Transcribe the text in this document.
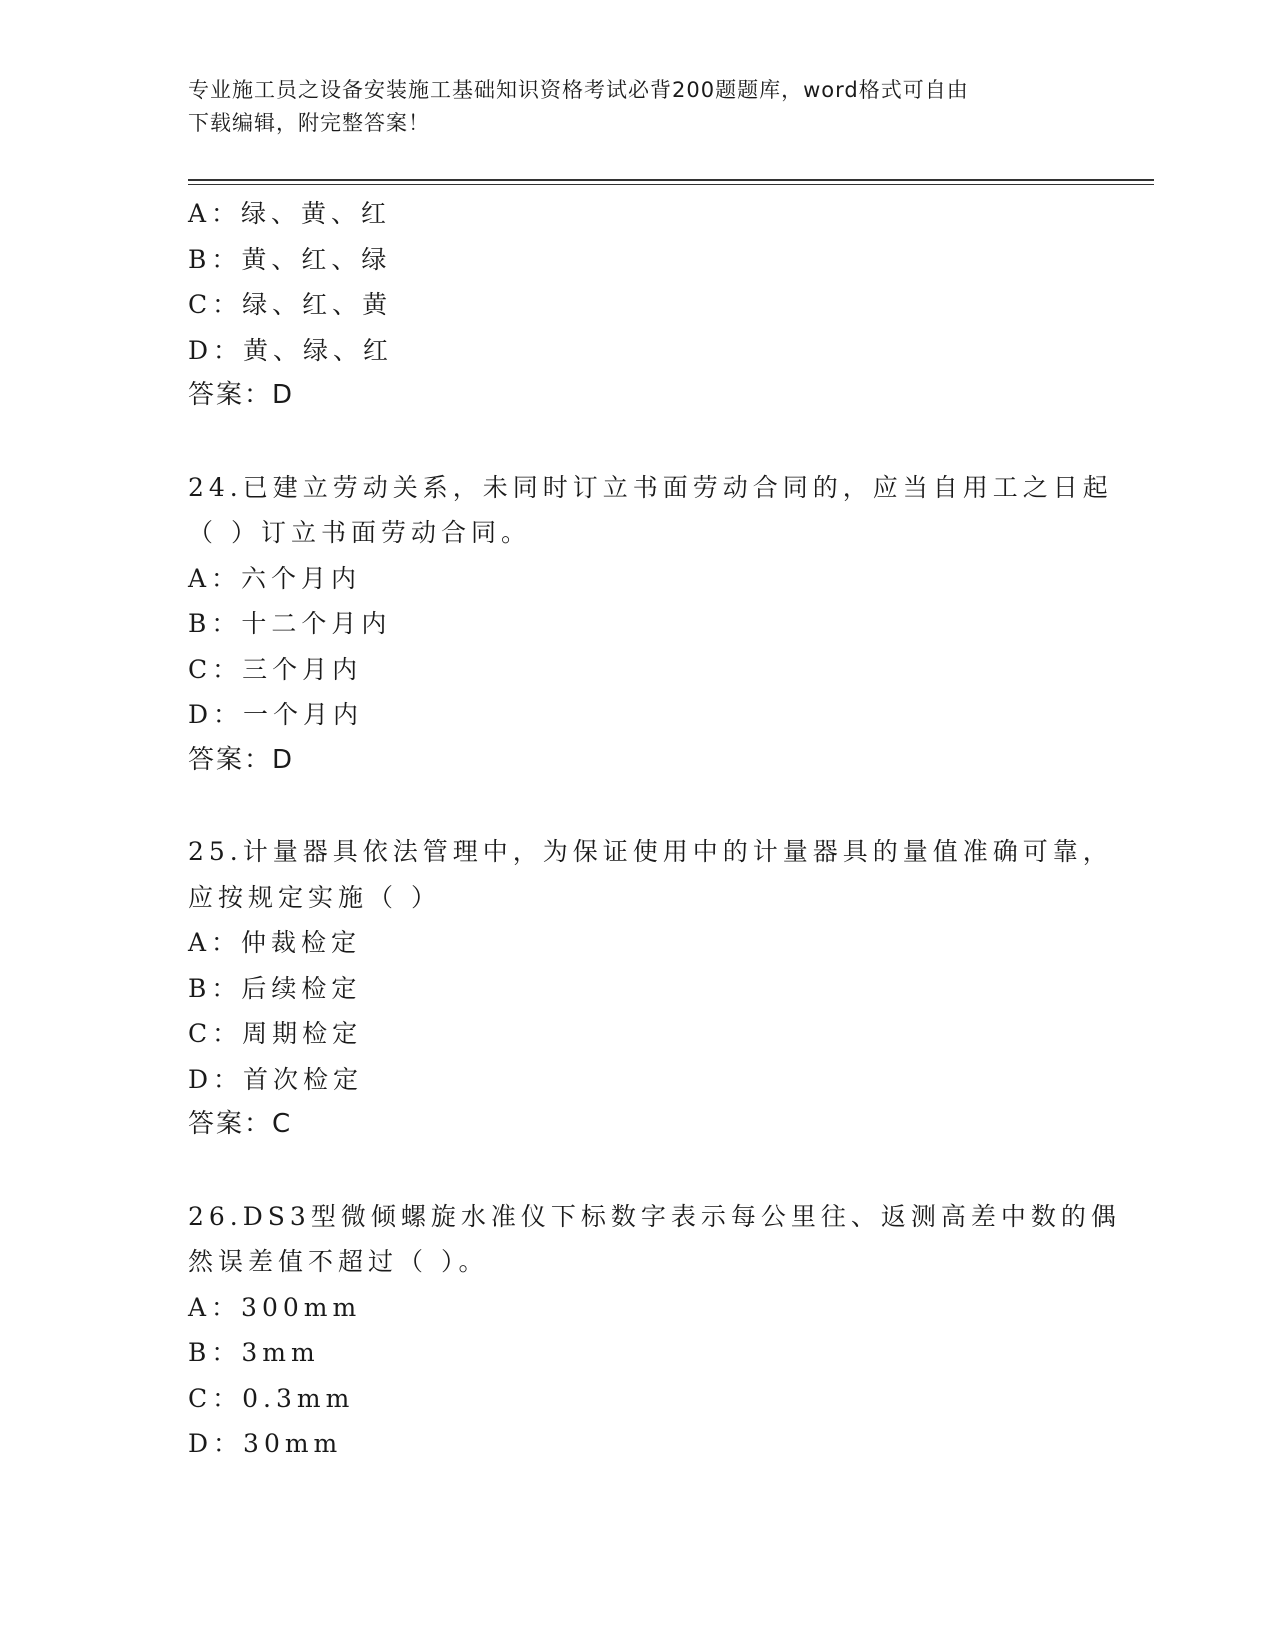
专业施工员之设备安装施工基础知识资格考试必背200题题库，word格式可自由
下载编辑，附完整答案！
A：绿、黄、红
B：黄、红、绿
C：绿、红、黄
D：黄、绿、红
答案：D
24.已建立劳动关系，未同时订立书面劳动合同的，应当自用工之日起
（ ）订立书面劳动合同。
A：六个月内
B：十二个月内
C：三个月内
D：一个月内
答案：D
25.计量器具依法管理中，为保证使用中的计量器具的量值准确可靠，
应按规定实施（ ）
A：仲裁检定
B：后续检定
C：周期检定
D：首次检定
答案：C
26.DS3型微倾螺旋水准仪下标数字表示每公里往、返测高差中数的偶
然误差值不超过（ ）。
A：300mm
B：3mm
C：0.3mm
D：30mm
